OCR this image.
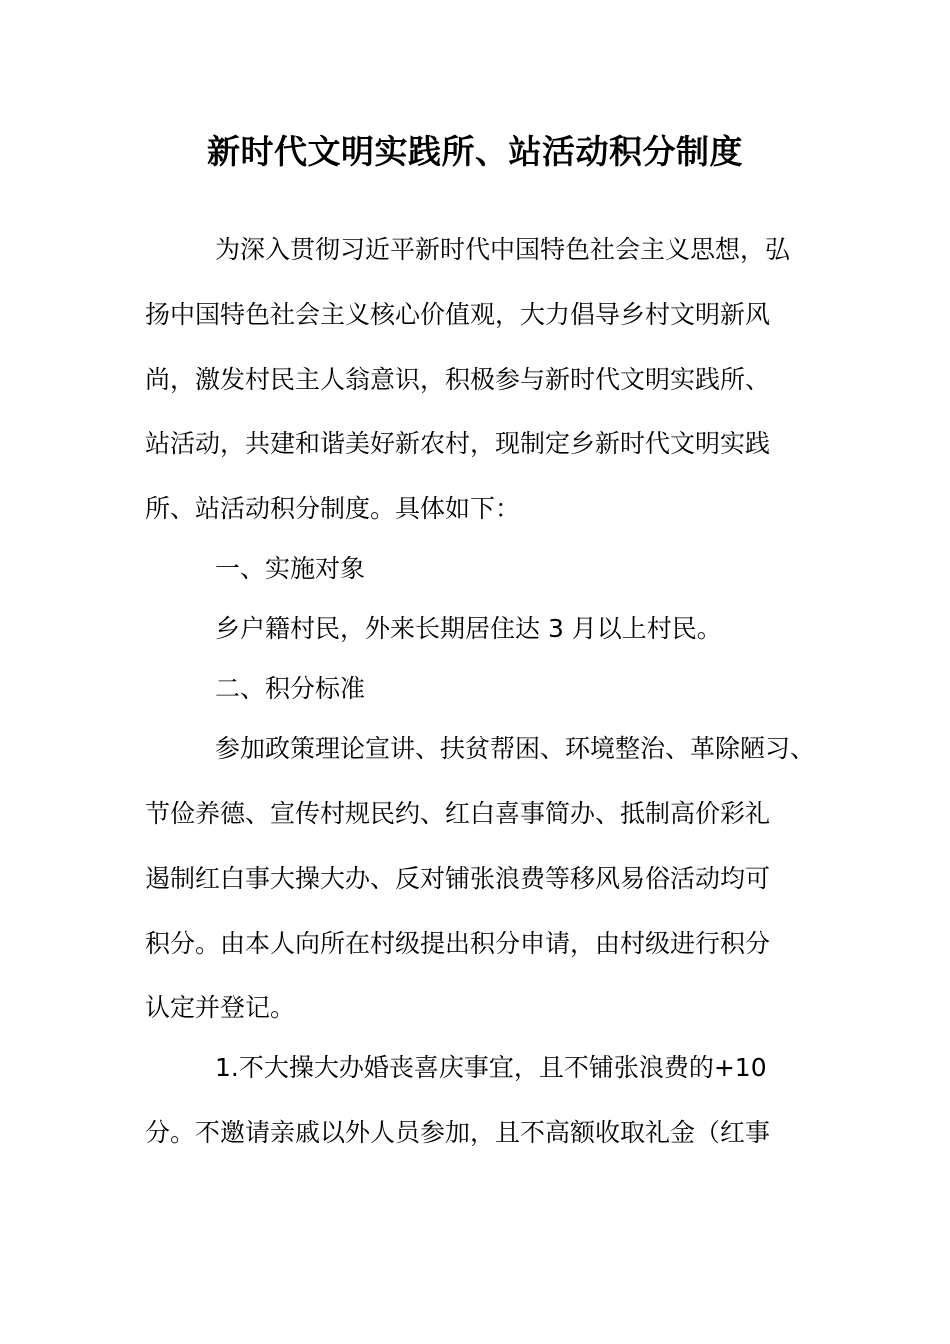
新时代文明实践所、站活动积分制度
为深入贯彻习近平新时代中国特色社会主义思想，弘
扬中国特色社会主义核心价值观，大力倡导乡村文明新风
尚，激发村民主人翁意识，积极参与新时代文明实践所、
站活动，共建和谐美好新农村，现制定乡新时代文明实践
所、站活动积分制度。具体如下：
一、实施对象
乡户籍村民，外来长期居住达 3 月以上村民。
二、积分标准
参加政策理论宣讲、扶贫帮困、环境整治、革除陋习、
节俭养德、宣传村规民约、红白喜事简办、抵制高价彩礼
遏制红白事大操大办、反对铺张浪费等移风易俗活动均可
积分。由本人向所在村级提出积分申请，由村级进行积分
认定并登记。
1.不大操大办婚丧喜庆事宜，且不铺张浪费的+10
分。不邀请亲戚以外人员参加，且不高额收取礼金（红事
